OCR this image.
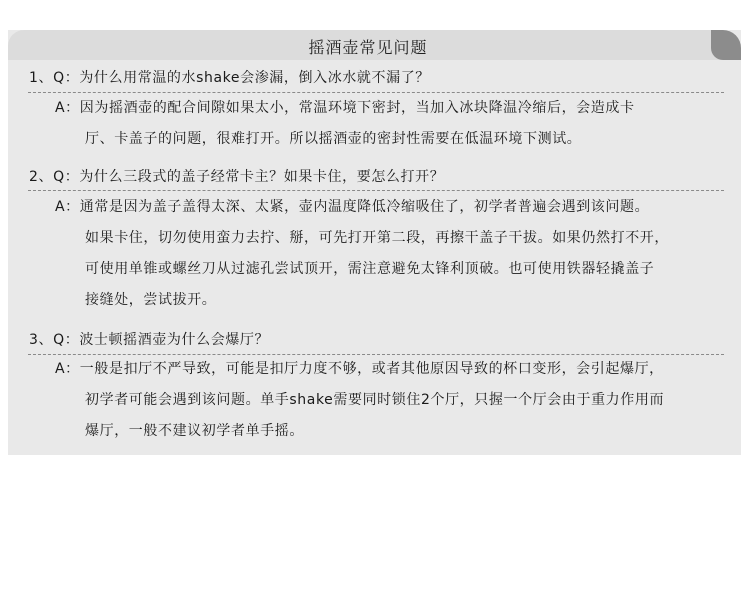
摇酒壶常见问题
1、Q：为什么用常温的水shake会渗漏，倒入冰水就不漏了？
A：因为摇酒壶的配合间隙如果太小，常温环境下密封，当加入冰块降温冷缩后，会造成卡
厅、卡盖子的问题，很难打开。所以摇酒壶的密封性需要在低温环境下测试。
2、Q：为什么三段式的盖子经常卡主？如果卡住，要怎么打开？
A：通常是因为盖子盖得太深、太紧，壶内温度降低冷缩吸住了，初学者普遍会遇到该问题。
如果卡住，切勿使用蛮力去拧、掰，可先打开第二段，再擦干盖子干拔。如果仍然打不开，
可使用单锥或螺丝刀从过滤孔尝试顶开，需注意避免太锋利顶破。也可使用铁器轻撬盖子
接缝处，尝试拔开。
3、Q：波士顿摇酒壶为什么会爆厅？
A：一般是扣厅不严导致，可能是扣厅力度不够，或者其他原因导致的杯口变形，会引起爆厅，
初学者可能会遇到该问题。单手shake需要同时锁住2个厅，只握一个厅会由于重力作用而
爆厅，一般不建议初学者单手摇。
